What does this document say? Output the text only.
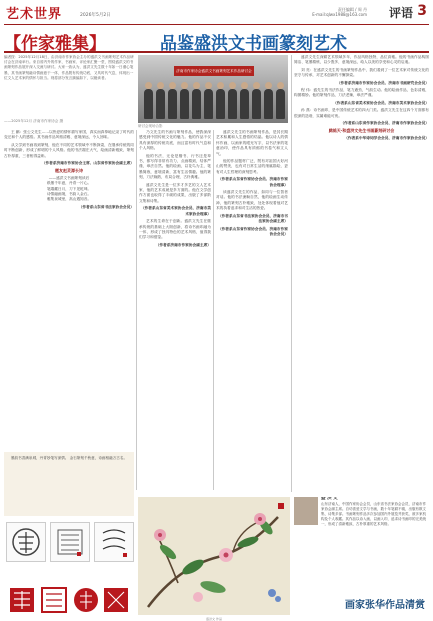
艺术世界	2026年5月2日
责任编辑 / 周 丹
E-mail:qlwx1988@163.com 评语 3
【作家雅集】	品鉴盛洪文书画篆刻艺术
编者按：2025年12月18日，由济南市作家协会主办的盛洪文书画篆刻艺术作品研讨会在济南举行。来自省内外的作家、书画家、评论家汇聚一堂，围绕盛洪文的书画篆刻作品展开深入交流与研讨。大家一致认为，盛洪文先生数十年如一日潜心笔墨，其书画篆刻融诗情画意于一体，作品既有传统功底，又具时代气息，体现出一位文人艺术家的情怀与担当。现将部分发言摘编如下，以飨读者。
——2025年12月 济南市作家协会 摄
济南市作家协会盛洪文书画篆刻艺术作品研讨会
研讨会现场合影

王 鹏：张公文先生……以热爱的情怀描写家国，真实而真挚地记录了时代的变迁和个人的感悟。其书画作品风格清雅、意境深远，令人回味。

从文学到书画再到篆刻，他在不同的艺术领域中不断探索，在继承传统的同时不断创新，形成了鲜明的个人风格。他的书法端庄大气，绘画清新雅致，篆刻古朴厚重，三者相得益彰。

（作者系济南市作家协会主席、山东省作家协会副主席）

题友赵灵源长诗

——盛洪文书画篆刻读后
纸墨千年意，丹青一片心。
笔端藏日月，刀下见乾坤。
诗情融画境，书韵入金石。
雅集泉城里，高山遇知音。

（作者系山东省书法家协会会员）

墨韵书香满泉城，丹青妙笔写深情。 金石篆刻千秋意，诗画相融万古名。

乃文先生的书画与篆刻作品，使我深深感受到中国传统文化的魅力。他的作品不仅具有深厚的传统功底，而且富有时代气息和个人风格。

他的书法，无论是楷书、行书还是草书，都写得非常有功力，点画精到，结体严谨，章法自然。他的绘画，以花鸟为主，笔墨简练，意境清新，富有生活情趣。他的篆刻，刀法娴熟，布局合理，古朴典雅。

盛洪文先生是一位多才多艺的文人艺术家，他的艺术成就是多方面的。他在文学创作方面也取得了丰硕的成果，出版了多部散文集和诗集。

（作者系山东省美术家协会会员、济南市美术家协会理事）

艺术的生命在于创新。盛洪文先生在继承传统的基础上大胆创新，将诗书画印融为一体，形成了独具特色的艺术风格，值得我们学习和借鉴。

（作者系济南市作家协会副主席）

盛洪文先生的书画篆刻作品，是其长期艺术积累和人生感悟的结晶。他以诗人的情怀作画，以画家的眼光写字，以书法家的笔意治印，使作品具有浓郁的书卷气和文人气。

他的作品题材广泛，既有对祖国大好河山的赞美，也有对日常生活的细腻描绘，更有对人生哲理的深刻思考。

（作者系山东省作家协会会员、济南市作家协会理事）

读盛洪文先生的作品，如同与一位智者对话。他的书法流畅自然，他的绘画生动传神，他的篆刻古朴雅致，处处体现着他对艺术的执着追求和对生活的热爱。

（作者系山东省书法家协会会员、济南市书法家协会副主席）

（作者系山东省作家协会会员、济南市作家协会会员）

盛洪文先生深耕艺术领域多年，作品风格独特，品位高雅。他的书画作品构图简洁、笔墨精炼，以少胜多，意境深远，给人以美的享受和心灵的启迪。

刘 亮：在盛洪文先生的书画篆刻作品中，我们看到了一位艺术家对传统文化的坚守与传承，对艺术创新的不懈探索。

（作者系济南市作家协会会员、济南市书画研究会会员）

程 伟：盛先生的书法作品，笔力遒劲，气韵生动。他的绘画作品，色彩清雅，构图精妙。他的篆刻作品，刀法老辣，章法严谨。

（作者系山东省美术家协会会员、济南市美术家协会会员）

孙 燕：诗书画印，是中国传统艺术的四大门类。盛洪文先生在这四个方面都有很深的造诣，实属难能可贵。

（作者系山东省作家协会会员、济南市作家协会会员）

鹧鸪天·和盛洪文先生书画篆刻研讨会

（作者系中华诗词学会会员、济南市作家协会会员）

盛洪文 作品
盛 洪 文
山东济南人，中国作家协会会员，山东省书法家协会会员，济南市作家协会副主席。自幼喜爱文学与书画，数十年笔耕不辍，出版有散文集、诗集多部。书画篆刻作品多次参加国内外展览并获奖，被多家机构及个人收藏。其作品以诗入画、以画入印，追求诗书画印的完美统一，形成了清新雅致、古朴厚重的艺术风格。
画家张华作品清赏
